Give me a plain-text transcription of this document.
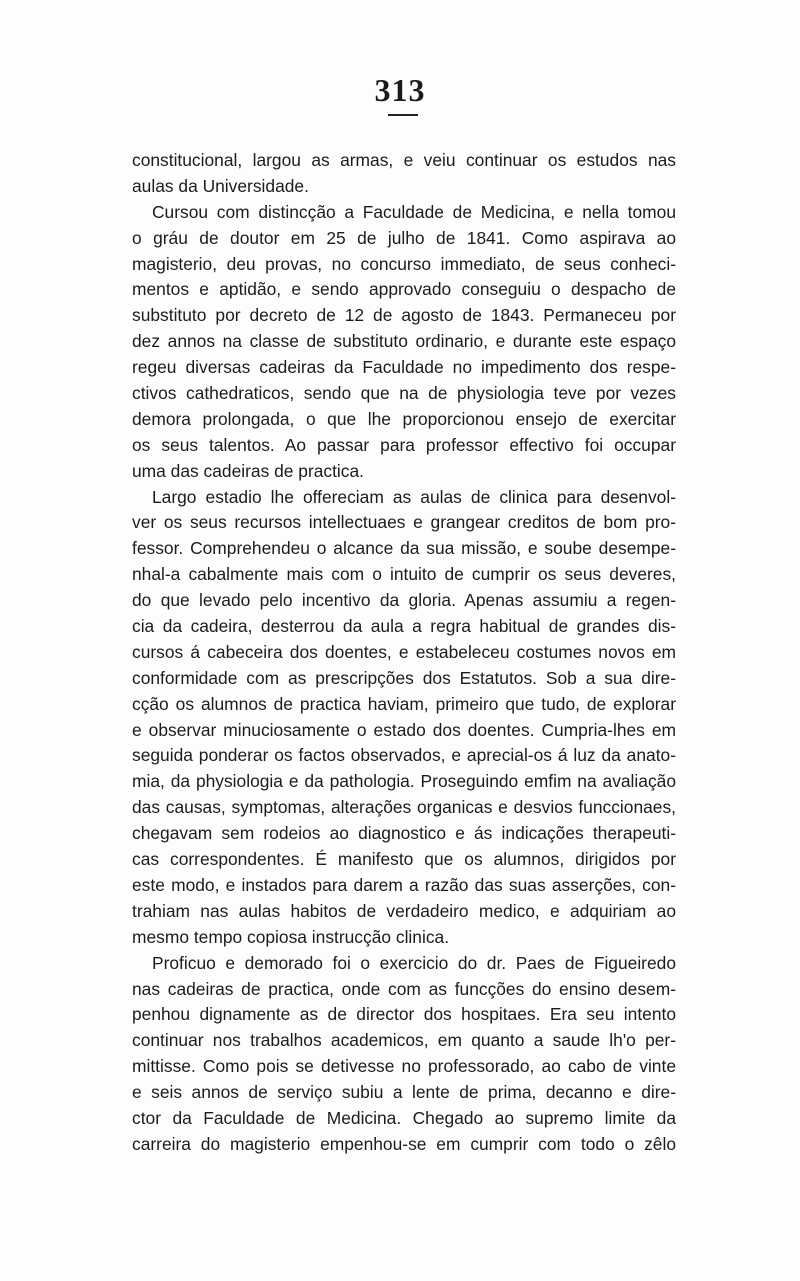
313
constitucional, largou as armas, e veiu continuar os estudos nas
aulas da Universidade.
Cursou com distincção a Faculdade de Medicina, e nella tomou
o gráu de doutor em 25 de julho de 1841. Como aspirava ao
magisterio, deu provas, no concurso immediato, de seus conheci-
mentos e aptidão, e sendo approvado conseguiu o despacho de
substituto por decreto de 12 de agosto de 1843. Permaneceu por
dez annos na classe de substituto ordinario, e durante este espaço
regeu diversas cadeiras da Faculdade no impedimento dos respe-
ctivos cathedraticos, sendo que na de physiologia teve por vezes
demora prolongada, o que lhe proporcionou ensejo de exercitar
os seus talentos. Ao passar para professor effectivo foi occupar
uma das cadeiras de practica.
Largo estadio lhe offereciam as aulas de clinica para desenvol-
ver os seus recursos intellectuaes e grangear creditos de bom pro-
fessor. Comprehendeu o alcance da sua missão, e soube desempe-
nhal-a cabalmente mais com o intuito de cumprir os seus deveres,
do que levado pelo incentivo da gloria. Apenas assumiu a regen-
cia da cadeira, desterrou da aula a regra habitual de grandes dis-
cursos á cabeceira dos doentes, e estabeleceu costumes novos em
conformidade com as prescripções dos Estatutos. Sob a sua dire-
cção os alumnos de practica haviam, primeiro que tudo, de explorar
e observar minuciosamente o estado dos doentes. Cumpria-lhes em
seguida ponderar os factos observados, e aprecial-os á luz da anato-
mia, da physiologia e da pathologia. Proseguindo emfim na avaliação
das causas, symptomas, alterações organicas e desvios funccionaes,
chegavam sem rodeios ao diagnostico e ás indicações therapeuti-
cas correspondentes. É manifesto que os alumnos, dirigidos por
este modo, e instados para darem a razão das suas asserções, con-
trahiam nas aulas habitos de verdadeiro medico, e adquiriam ao
mesmo tempo copiosa instrucção clinica.
Proficuo e demorado foi o exercicio do dr. Paes de Figueiredo
nas cadeiras de practica, onde com as funcções do ensino desem-
penhou dignamente as de director dos hospitaes. Era seu intento
continuar nos trabalhos academicos, em quanto a saude lh'o per-
mittisse. Como pois se detivesse no professorado, ao cabo de vinte
e seis annos de serviço subiu a lente de prima, decanno e dire-
ctor da Faculdade de Medicina. Chegado ao supremo limite da
carreira do magisterio empenhou-se em cumprir com todo o zêlo
